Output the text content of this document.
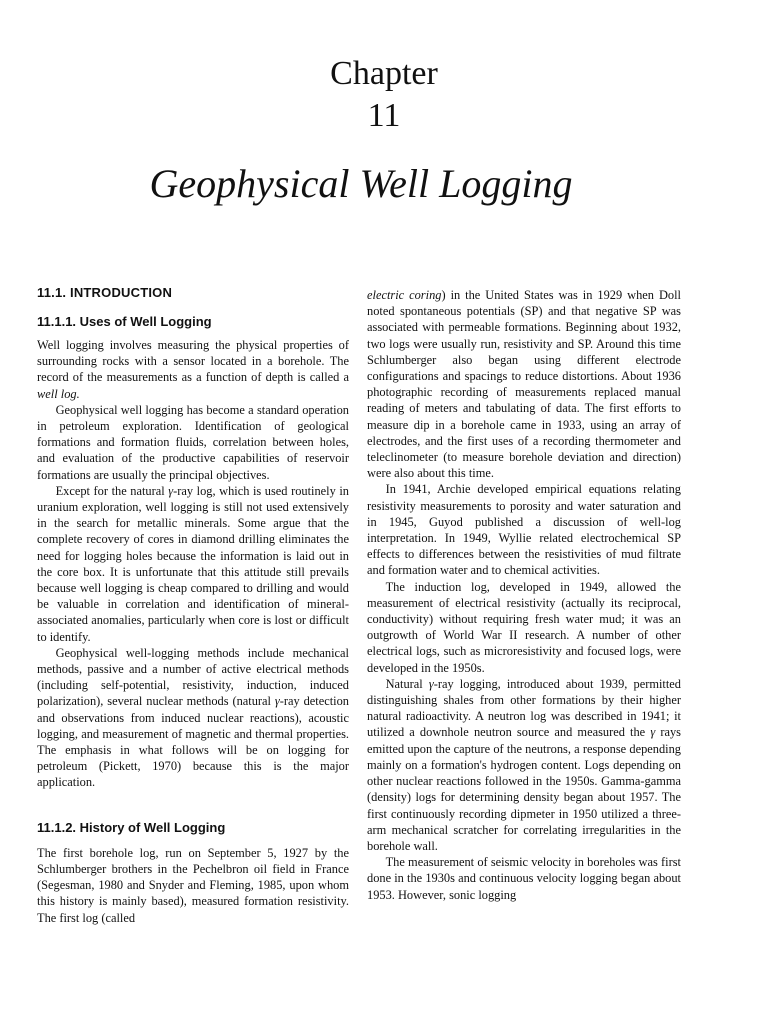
Chapter
11
Geophysical Well Logging
11.1. INTRODUCTION
11.1.1. Uses of Well Logging

Well logging involves measuring the physical properties of surrounding rocks with a sensor located in a borehole. The record of the measurements as a function of depth is called a well log.

Geophysical well logging has become a standard operation in petroleum exploration. Identification of geological formations and formation fluids, correlation between holes, and evaluation of the productive capabilities of reservoir formations are usually the principal objectives.

Except for the natural γ-ray log, which is used routinely in uranium exploration, well logging is still not used extensively in the search for metallic minerals. Some argue that the complete recovery of cores in diamond drilling eliminates the need for logging holes because the information is laid out in the core box. It is unfortunate that this attitude still prevails because well logging is cheap compared to drilling and would be valuable in correlation and identification of mineral-associated anomalies, particularly when core is lost or difficult to identify.

Geophysical well-logging methods include mechanical methods, passive and a number of active electrical methods (including self-potential, resistivity, induction, induced polarization), several nuclear methods (natural γ-ray detection and observations from induced nuclear reactions), acoustic logging, and measurement of magnetic and thermal properties. The emphasis in what follows will be on logging for petroleum (Pickett, 1970) because this is the major application.

11.1.2. History of Well Logging

The first borehole log, run on September 5, 1927 by the Schlumberger brothers in the Pechelbron oil field in France (Segesman, 1980 and Snyder and Fleming, 1985, upon whom this history is mainly based), measured formation resistivity. The first log (called

electric coring) in the United States was in 1929 when Doll noted spontaneous potentials (SP) and that negative SP was associated with permeable formations. Beginning about 1932, two logs were usually run, resistivity and SP. Around this time Schlumberger also began using different electrode configurations and spacings to reduce distortions. About 1936 photographic recording of measurements replaced manual reading of meters and tabulating of data. The first efforts to measure dip in a borehole came in 1933, using an array of electrodes, and the first uses of a recording thermometer and teleclinometer (to measure borehole deviation and direction) were also about this time.

In 1941, Archie developed empirical equations relating resistivity measurements to porosity and water saturation and in 1945, Guyod published a discussion of well-log interpretation. In 1949, Wyllie related electrochemical SP effects to differences between the resistivities of mud filtrate and formation water and to chemical activities.

The induction log, developed in 1949, allowed the measurement of electrical resistivity (actually its reciprocal, conductivity) without requiring fresh water mud; it was an outgrowth of World War II research. A number of other electrical logs, such as microresistivity and focused logs, were developed in the 1950s.

Natural γ-ray logging, introduced about 1939, permitted distinguishing shales from other formations by their higher natural radioactivity. A neutron log was described in 1941; it utilized a downhole neutron source and measured the γ rays emitted upon the capture of the neutrons, a response depending mainly on a formation's hydrogen content. Logs depending on other nuclear reactions followed in the 1950s. Gamma-gamma (density) logs for determining density began about 1957. The first continuously recording dipmeter in 1950 utilized a three-arm mechanical scratcher for correlating irregularities in the borehole wall.

The measurement of seismic velocity in boreholes was first done in the 1930s and continuous velocity logging began about 1953. However, sonic logging
